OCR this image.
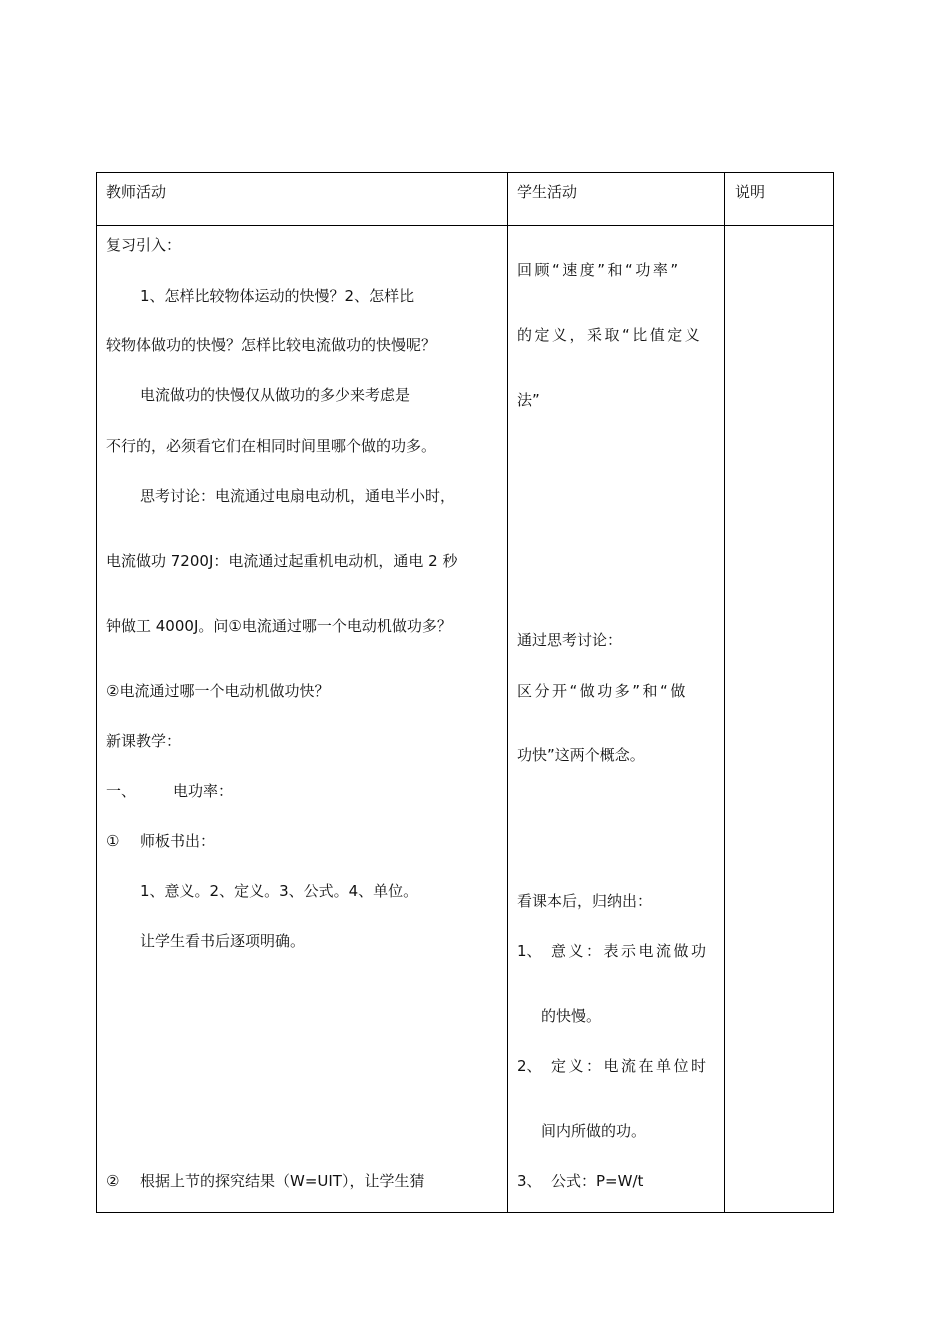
教师活动	学生活动	说明
复习引入：
1、怎样比较物体运动的快慢？2、怎样比
较物体做功的快慢？怎样比较电流做功的快慢呢？
电流做功的快慢仅从做功的多少来考虑是
不行的，必须看它们在相同时间里哪个做的功多。
思考讨论：电流通过电扇电动机，通电半小时，
电流做功 7200J：电流通过起重机电动机，通电 2 秒
钟做工 4000J。问①电流通过哪一个电动机做功多？
②电流通过哪一个电动机做功快？
新课教学：
一、 电功率：
① 师板书出：
1、意义。2、定义。3、公式。4、单位。
让学生看书后逐项明确。
② 根据上节的探究结果（W=UIT），让学生猜
回顾“速度”和“功率”
的定义，采取“比值定义
法”
通过思考讨论：
区分开“做功多”和“做
功快”这两个概念。
看课本后，归纳出：
1、 意义：表示电流做功
的快慢。
2、 定义：电流在单位时
间内所做的功。
3、 公式：P=W/t
